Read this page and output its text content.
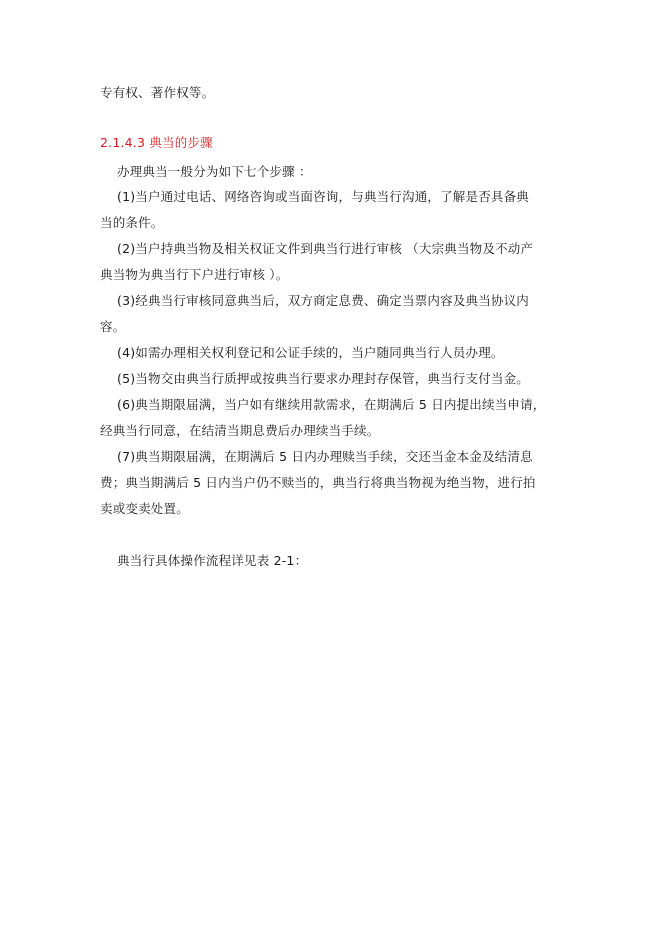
专有权、著作权等。
2.1.4.3 典当的步骤
办理典当一般分为如下七个步骤 ：
(1)当户通过电话、网络咨询或当面咨询，与典当行沟通，了解是否具备典
当的条件。
(2)当户持典当物及相关权证文件到典当行进行审核 （大宗典当物及不动产
典当物为典当行下户进行审核 ）。
(3)经典当行审核同意典当后，双方商定息费、确定当票内容及典当协议内
容。
(4)如需办理相关权利登记和公证手续的，当户随同典当行人员办理。
(5)当物交由典当行质押或按典当行要求办理封存保管，典当行支付当金。
(6)典当期限届满，当户如有继续用款需求，在期满后 5 日内提出续当申请，
经典当行同意，在结清当期息费后办理续当手续。
(7)典当期限届满，在期满后 5 日内办理赎当手续，交还当金本金及结清息
费；典当期满后 5 日内当户仍不赎当的，典当行将典当物视为绝当物，进行拍
卖或变卖处置。
典当行具体操作流程详见表 2-1：
